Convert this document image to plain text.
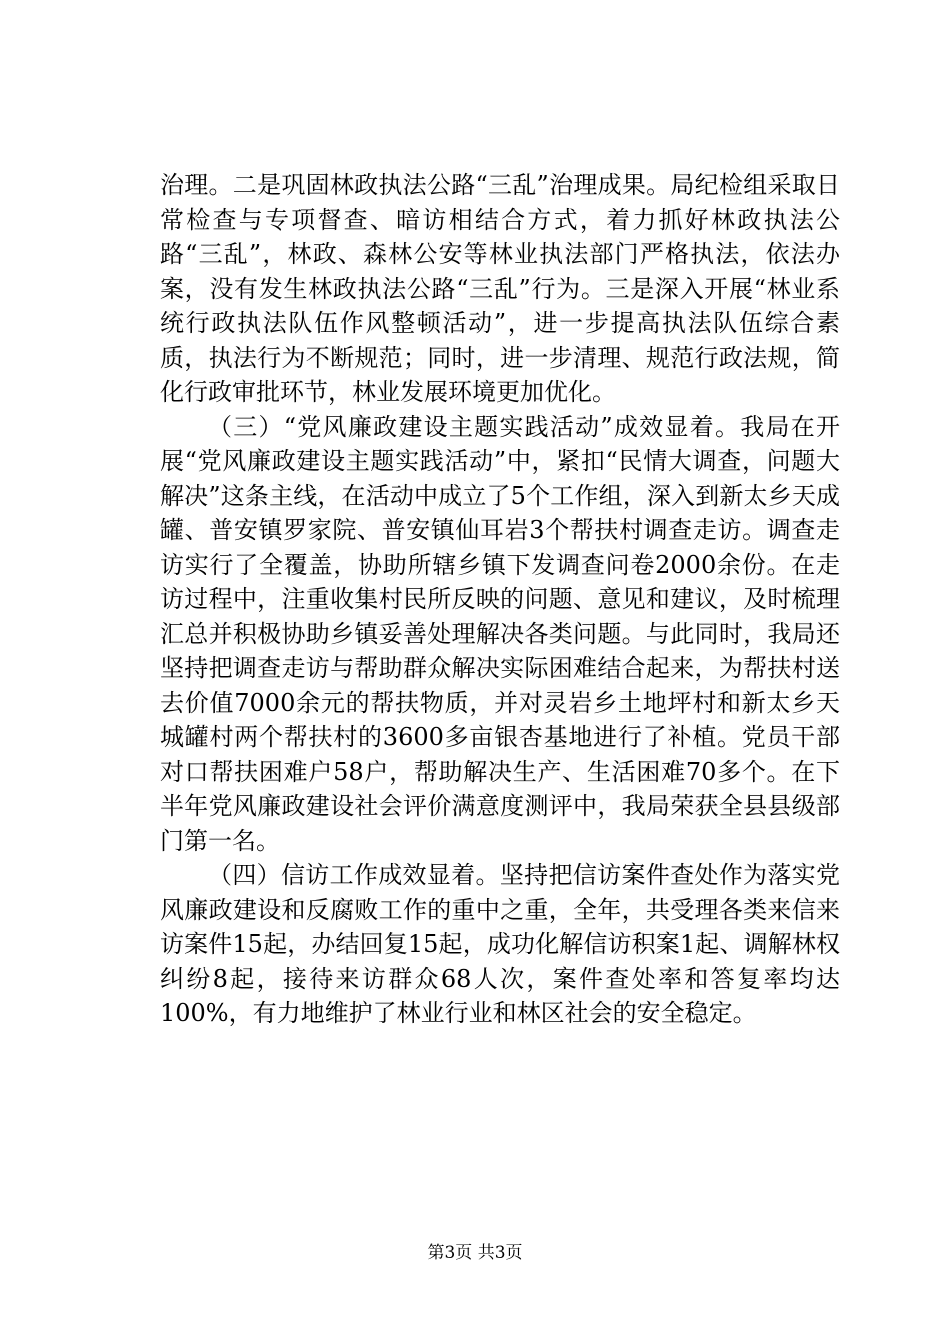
治理。二是巩固林政执法公路“三乱”治理成果。局纪检组采取日常检查与专项督查、暗访相结合方式，着力抓好林政执法公路“三乱”，林政、森林公安等林业执法部门严格执法，依法办案，没有发生林政执法公路“三乱”行为。三是深入开展“林业系统行政执法队伍作风整顿活动”，进一步提高执法队伍综合素质，执法行为不断规范；同时，进一步清理、规范行政法规，简化行政审批环节，林业发展环境更加优化。

（三）“党风廉政建设主题实践活动”成效显着。我局在开展“党风廉政建设主题实践活动”中，紧扣“民情大调查，问题大解决”这条主线，在活动中成立了5个工作组，深入到新太乡天成罐、普安镇罗家院、普安镇仙耳岩3个帮扶村调查走访。调查走访实行了全覆盖，协助所辖乡镇下发调查问卷2000余份。在走访过程中，注重收集村民所反映的问题、意见和建议，及时梳理汇总并积极协助乡镇妥善处理解决各类问题。与此同时，我局还坚持把调查走访与帮助群众解决实际困难结合起来，为帮扶村送去价值7000余元的帮扶物质，并对灵岩乡土地坪村和新太乡天城罐村两个帮扶村的3600多亩银杏基地进行了补植。党员干部对口帮扶困难户58户，帮助解决生产、生活困难70多个。在下半年党风廉政建设社会评价满意度测评中，我局荣获全县县级部门第一名。

（四）信访工作成效显着。坚持把信访案件查处作为落实党风廉政建设和反腐败工作的重中之重，全年，共受理各类来信来访案件15起，办结回复15起，成功化解信访积案1起、调解林权纠纷8起，接待来访群众68人次，案件查处率和答复率均达100%，有力地维护了林业行业和林区社会的安全稳定。

第3页 共3页
